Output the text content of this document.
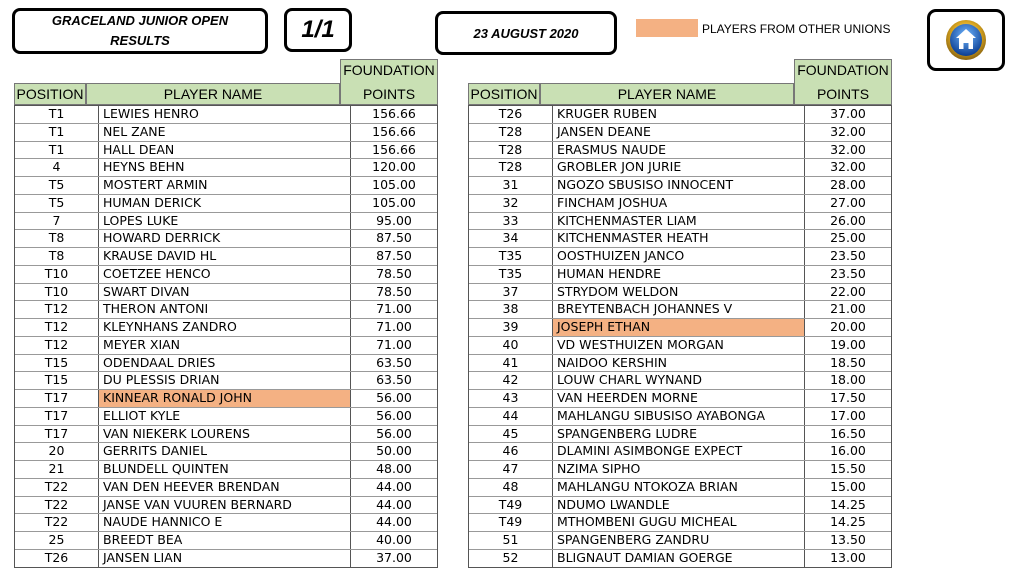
GRACELAND JUNIOR OPEN RESULTS	1/1	23 AUGUST 2020	PLAYERS FROM OTHER UNIONS
POSITION	PLAYER NAME
FOUNDATION
POINTS
T1	LEWIES HENRO	156.66
T1	NEL ZANE	156.66
T1	HALL DEAN	156.66
4	HEYNS BEHN	120.00
T5	MOSTERT ARMIN	105.00
T5	HUMAN DERICK	105.00
7	LOPES LUKE	95.00
T8	HOWARD DERRICK	87.50
T8	KRAUSE DAVID HL	87.50
T10	COETZEE HENCO	78.50
T10	SWART DIVAN	78.50
T12	THERON ANTONI	71.00
T12	KLEYNHANS ZANDRO	71.00
T12	MEYER XIAN	71.00
T15	ODENDAAL DRIES	63.50
T15	DU PLESSIS DRIAN	63.50
T17	KINNEAR RONALD JOHN	56.00
T17	ELLIOT KYLE	56.00
T17	VAN NIEKERK LOURENS	56.00
20	GERRITS DANIEL	50.00
21	BLUNDELL QUINTEN	48.00
T22	VAN DEN HEEVER BRENDAN	44.00
T22	JANSE VAN VUUREN BERNARD	44.00
T22	NAUDE HANNICO E	44.00
25	BREEDT BEA	40.00
T26	JANSEN LIAN	37.00
POSITION	PLAYER NAME
FOUNDATION
POINTS
T26	KRUGER RUBEN	37.00
T28	JANSEN DEANE	32.00
T28	ERASMUS NAUDE	32.00
T28	GROBLER JON JURIE	32.00
31	NGOZO SBUSISO INNOCENT	28.00
32	FINCHAM JOSHUA	27.00
33	KITCHENMASTER LIAM	26.00
34	KITCHENMASTER HEATH	25.00
T35	OOSTHUIZEN JANCO	23.50
T35	HUMAN HENDRE	23.50
37	STRYDOM WELDON	22.00
38	BREYTENBACH JOHANNES V	21.00
39	JOSEPH ETHAN	20.00
40	VD WESTHUIZEN MORGAN	19.00
41	NAIDOO KERSHIN	18.50
42	LOUW CHARL WYNAND	18.00
43	VAN HEERDEN MORNE	17.50
44	MAHLANGU SIBUSISO AYABONGA	17.00
45	SPANGENBERG LUDRE	16.50
46	DLAMINI ASIMBONGE EXPECT	16.00
47	NZIMA SIPHO	15.50
48	MAHLANGU NTOKOZA BRIAN	15.00
T49	NDUMO LWANDLE	14.25
T49	MTHOMBENI GUGU MICHEAL	14.25
51	SPANGENBERG ZANDRU	13.50
52	BLIGNAUT DAMIAN GOERGE	13.00
